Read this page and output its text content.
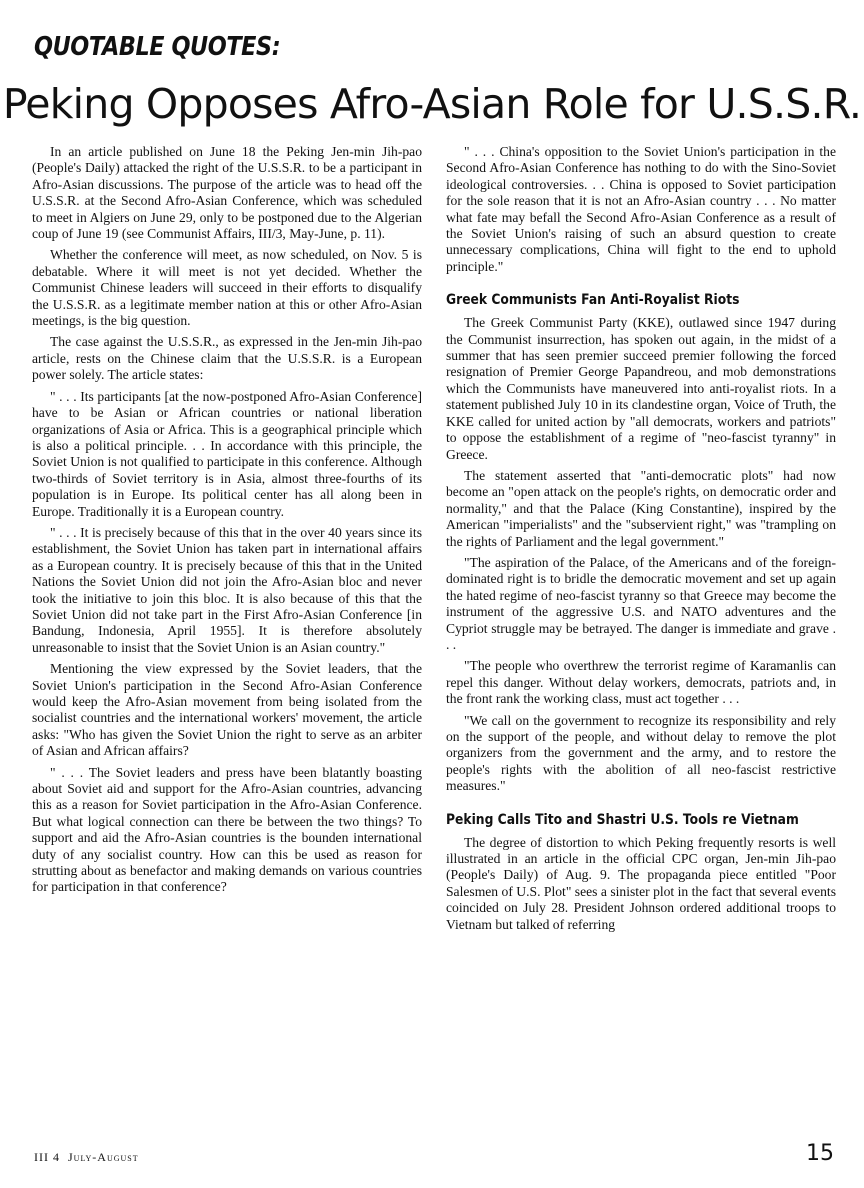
QUOTABLE QUOTES:
Peking Opposes Afro-Asian Role for U.S.S.R.

In an article published on June 18 the Peking Jen-min Jih-pao (People's Daily) attacked the right of the U.S.S.R. to be a participant in Afro-Asian discussions. The purpose of the article was to head off the U.S.S.R. at the Second Afro-Asian Conference, which was scheduled to meet in Algiers on June 29, only to be postponed due to the Algerian coup of June 19 (see Communist Affairs, III/3, May-June, p. 11).

Whether the conference will meet, as now scheduled, on Nov. 5 is debatable. Where it will meet is not yet decided. Whether the Communist Chinese leaders will succeed in their efforts to disqualify the U.S.S.R. as a legitimate member nation at this or other Afro-Asian meetings, is the big question.

The case against the U.S.S.R., as expressed in the Jen-min Jih-pao article, rests on the Chinese claim that the U.S.S.R. is a European power solely. The article states:

" . . . Its participants [at the now-postponed Afro-Asian Conference] have to be Asian or African countries or national liberation organizations of Asia or Africa. This is a geographical principle which is also a political principle. . . In accordance with this principle, the Soviet Union is not qualified to participate in this conference. Although two-thirds of Soviet territory is in Asia, almost three-fourths of its population is in Europe. Its political center has all along been in Europe. Traditionally it is a European country.

" . . . It is precisely because of this that in the over 40 years since its establishment, the Soviet Union has taken part in international affairs as a European country. It is precisely because of this that in the United Nations the Soviet Union did not join the Afro-Asian bloc and never took the initiative to join this bloc. It is also because of this that the Soviet Union did not take part in the First Afro-Asian Conference [in Bandung, Indonesia, April 1955]. It is therefore absolutely unreasonable to insist that the Soviet Union is an Asian country."

Mentioning the view expressed by the Soviet leaders, that the Soviet Union's participation in the Second Afro-Asian Conference would keep the Afro-Asian movement from being isolated from the socialist countries and the international workers' movement, the article asks: "Who has given the Soviet Union the right to serve as an arbiter of Asian and African affairs?

" . . . The Soviet leaders and press have been blatantly boasting about Soviet aid and support for the Afro-Asian countries, advancing this as a reason for Soviet participation in the Afro-Asian Conference. But what logical connection can there be between the two things? To support and aid the Afro-Asian countries is the bounden international duty of any socialist country. How can this be used as reason for strutting about as benefactor and making demands on various countries for participation in that conference?

" . . . China's opposition to the Soviet Union's participation in the Second Afro-Asian Conference has nothing to do with the Sino-Soviet ideological controversies. . . China is opposed to Soviet participation for the sole reason that it is not an Afro-Asian country . . . No matter what fate may befall the Second Afro-Asian Conference as a result of the Soviet Union's raising of such an absurd question to create unnecessary complications, China will fight to the end to uphold principle."

Greek Communists Fan Anti-Royalist Riots

The Greek Communist Party (KKE), outlawed since 1947 during the Communist insurrection, has spoken out again, in the midst of a summer that has seen premier succeed premier following the forced resignation of Premier George Papandreou, and mob demonstrations which the Communists have maneuvered into anti-royalist riots. In a statement published July 10 in its clandestine organ, Voice of Truth, the KKE called for united action by "all democrats, workers and patriots" to oppose the establishment of a regime of "neo-fascist tyranny" in Greece.

The statement asserted that "anti-democratic plots" had now become an "open attack on the people's rights, on democratic order and normality," and that the Palace (King Constantine), inspired by the American "imperialists" and the "subservient right," was "trampling on the rights of Parliament and the legal government."

"The aspiration of the Palace, of the Americans and of the foreign-dominated right is to bridle the democratic movement and set up again the hated regime of neo-fascist tyranny so that Greece may become the instrument of the aggressive U.S. and NATO adventures and the Cypriot struggle may be betrayed. The danger is immediate and grave . . .

"The people who overthrew the terrorist regime of Karamanlis can repel this danger. Without delay workers, democrats, patriots and, in the front rank the working class, must act together . . .

"We call on the government to recognize its responsibility and rely on the support of the people, and without delay to remove the plot organizers from the government and the army, and to restore the people's rights with the abolition of all neo-fascist restrictive measures."

Peking Calls Tito and Shastri U.S. Tools re Vietnam

The degree of distortion to which Peking frequently resorts is well illustrated in an article in the official CPC organ, Jen-min Jih-pao (People's Daily) of Aug. 9. The propaganda piece entitled "Poor Salesmen of U.S. Plot" sees a sinister plot in the fact that several events coincided on July 28. President Johnson ordered additional troops to Vietnam but talked of referring

III 4 July-August	15
